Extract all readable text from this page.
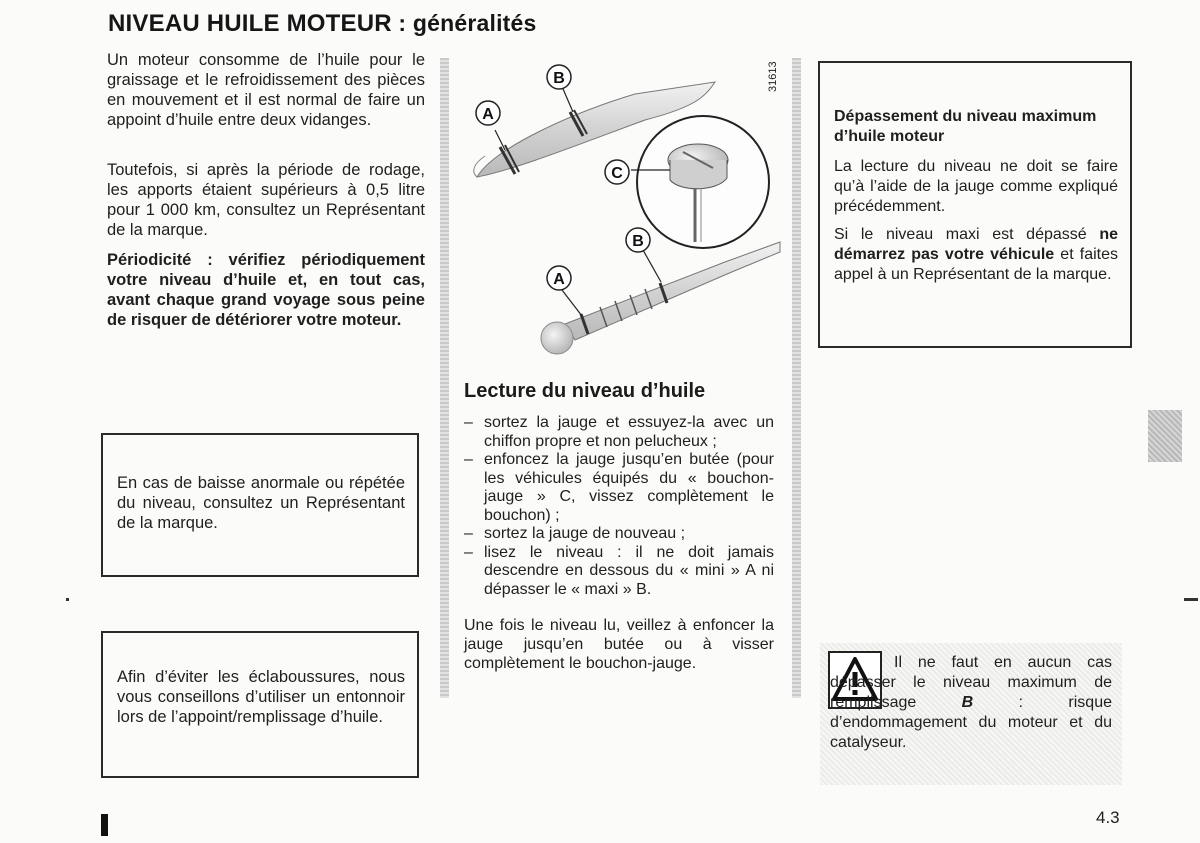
NIVEAU HUILE MOTEUR : généralités

Un moteur consomme de l’huile pour le graissage et le refroidissement des pièces en mouvement et il est normal de faire un appoint d’huile entre deux vidanges.

Toutefois, si après la période de rodage, les apports étaient supérieurs à 0,5 litre pour 1 000 km, consultez un Représentant de la marque.

Périodicité : vérifiez périodiquement votre niveau d’huile et, en tout cas, avant chaque grand voyage sous peine de risquer de détériorer votre moteur.

En cas de baisse anormale ou répétée du niveau, consultez un Représentant de la marque.

Afin d’éviter les éclaboussures, nous vous conseillons d’utiliser un entonnoir lors de l’appoint/remplissage d’huile.

A
B
C
A
B
31613
Lecture du niveau d’huile
– sortez la jauge et essuyez-la avec un chiffon propre et non pelucheux ;
– enfoncez la jauge jusqu’en butée (pour les véhicules équipés du « bouchon-jauge » C, vissez complètement le bouchon) ;
– sortez la jauge de nouveau ;
– lisez le niveau : il ne doit jamais descendre en dessous du « mini » A ni dépasser le « maxi » B.

Une fois le niveau lu, veillez à enfoncer la jauge jusqu’en butée ou à visser complètement le bouchon-jauge.

Dépassement du niveau maximum d’huile moteur

La lecture du niveau ne doit se faire qu’à l’aide de la jauge comme expliqué précédemment.

Si le niveau maxi est dépassé ne démarrez pas votre véhicule et faites appel à un Représentant de la marque.

Il ne faut en aucun cas dépasser le niveau maximum de remplissage B : risque d’endommagement du moteur et du catalyseur.

4.3
